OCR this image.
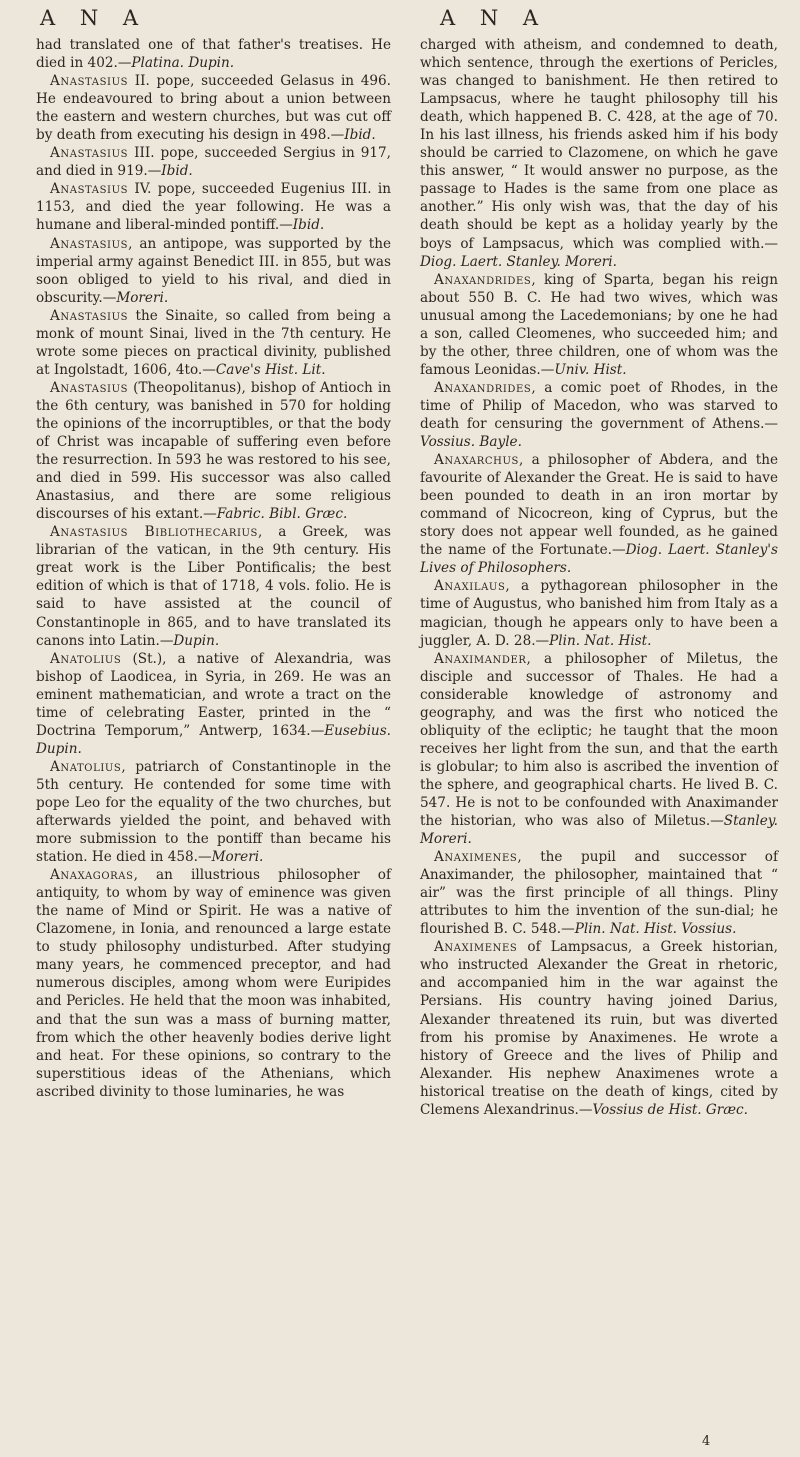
A N A	A N A

had translated one of that father's treatises. He died in 402.—Platina. Dupin.

Anastasius II. pope, succeeded Gelasus in 496. He endeavoured to bring about a union between the eastern and western churches, but was cut off by death from executing his design in 498.—Ibid.

Anastasius III. pope, succeeded Sergius in 917, and died in 919.—Ibid.

Anastasius IV. pope, succeeded Eugenius III. in 1153, and died the year following. He was a humane and liberal-minded pontiff.—Ibid.

Anastasius, an antipope, was supported by the imperial army against Benedict III. in 855, but was soon obliged to yield to his rival, and died in obscurity.—Moreri.

Anastasius the Sinaite, so called from being a monk of mount Sinai, lived in the 7th century. He wrote some pieces on practical divinity, published at Ingolstadt, 1606, 4to.—Cave's Hist. Lit.

Anastasius (Theopolitanus), bishop of Antioch in the 6th century, was banished in 570 for holding the opinions of the incorruptibles, or that the body of Christ was incapable of suffering even before the resurrection. In 593 he was restored to his see, and died in 599. His successor was also called Anastasius, and there are some religious discourses of his extant.—Fabric. Bibl. Græc.

Anastasius Bibliothecarius, a Greek, was librarian of the vatican, in the 9th century. His great work is the Liber Pontificalis; the best edition of which is that of 1718, 4 vols. folio. He is said to have assisted at the council of Constantinople in 865, and to have translated its canons into Latin.—Dupin.

Anatolius (St.), a native of Alexandria, was bishop of Laodicea, in Syria, in 269. He was an eminent mathematician, and wrote a tract on the time of celebrating Easter, printed in the “ Doctrina Temporum,” Antwerp, 1634.—Eusebius. Dupin.

Anatolius, patriarch of Constantinople in the 5th century. He contended for some time with pope Leo for the equality of the two churches, but afterwards yielded the point, and behaved with more submission to the pontiff than became his station. He died in 458.—Moreri.

Anaxagoras, an illustrious philosopher of antiquity, to whom by way of eminence was given the name of Mind or Spirit. He was a native of Clazomene, in Ionia, and renounced a large estate to study philosophy undisturbed. After studying many years, he commenced preceptor, and had numerous disciples, among whom were Euripides and Pericles. He held that the moon was inhabited, and that the sun was a mass of burning matter, from which the other heavenly bodies derive light and heat. For these opinions, so contrary to the superstitious ideas of the Athenians, which ascribed divinity to those luminaries, he was

charged with atheism, and condemned to death, which sentence, through the exertions of Pericles, was changed to banishment. He then retired to Lampsacus, where he taught philosophy till his death, which happened B. C. 428, at the age of 70. In his last illness, his friends asked him if his body should be carried to Clazomene, on which he gave this answer, “ It would answer no purpose, as the passage to Hades is the same from one place as another.” His only wish was, that the day of his death should be kept as a holiday yearly by the boys of Lampsacus, which was complied with.—Diog. Laert. Stanley. Moreri.

Anaxandrides, king of Sparta, began his reign about 550 B. C. He had two wives, which was unusual among the Lacedemonians; by one he had a son, called Cleomenes, who succeeded him; and by the other, three children, one of whom was the famous Leonidas.—Univ. Hist.

Anaxandrides, a comic poet of Rhodes, in the time of Philip of Macedon, who was starved to death for censuring the government of Athens.—Vossius. Bayle.

Anaxarchus, a philosopher of Abdera, and the favourite of Alexander the Great. He is said to have been pounded to death in an iron mortar by command of Nicocreon, king of Cyprus, but the story does not appear well founded, as he gained the name of the Fortunate.—Diog. Laert. Stanley's Lives of Philosophers.

Anaxilaus, a pythagorean philosopher in the time of Augustus, who banished him from Italy as a magician, though he appears only to have been a juggler, A. D. 28.—Plin. Nat. Hist.

Anaximander, a philosopher of Miletus, the disciple and successor of Thales. He had a considerable knowledge of astronomy and geography, and was the first who noticed the obliquity of the ecliptic; he taught that the moon receives her light from the sun, and that the earth is globular; to him also is ascribed the invention of the sphere, and geographical charts. He lived B. C. 547. He is not to be confounded with Anaximander the historian, who was also of Miletus.—Stanley. Moreri.

Anaximenes, the pupil and successor of Anaximander, the philosopher, maintained that “ air” was the first principle of all things. Pliny attributes to him the invention of the sun-dial; he flourished B. C. 548.—Plin. Nat. Hist. Vossius.

Anaximenes of Lampsacus, a Greek historian, who instructed Alexander the Great in rhetoric, and accompanied him in the war against the Persians. His country having joined Darius, Alexander threatened its ruin, but was diverted from his promise by Anaximenes. He wrote a history of Greece and the lives of Philip and Alexander. His nephew Anaximenes wrote a historical treatise on the death of kings, cited by Clemens Alexandrinus.—Vossius de Hist. Græc.

4
